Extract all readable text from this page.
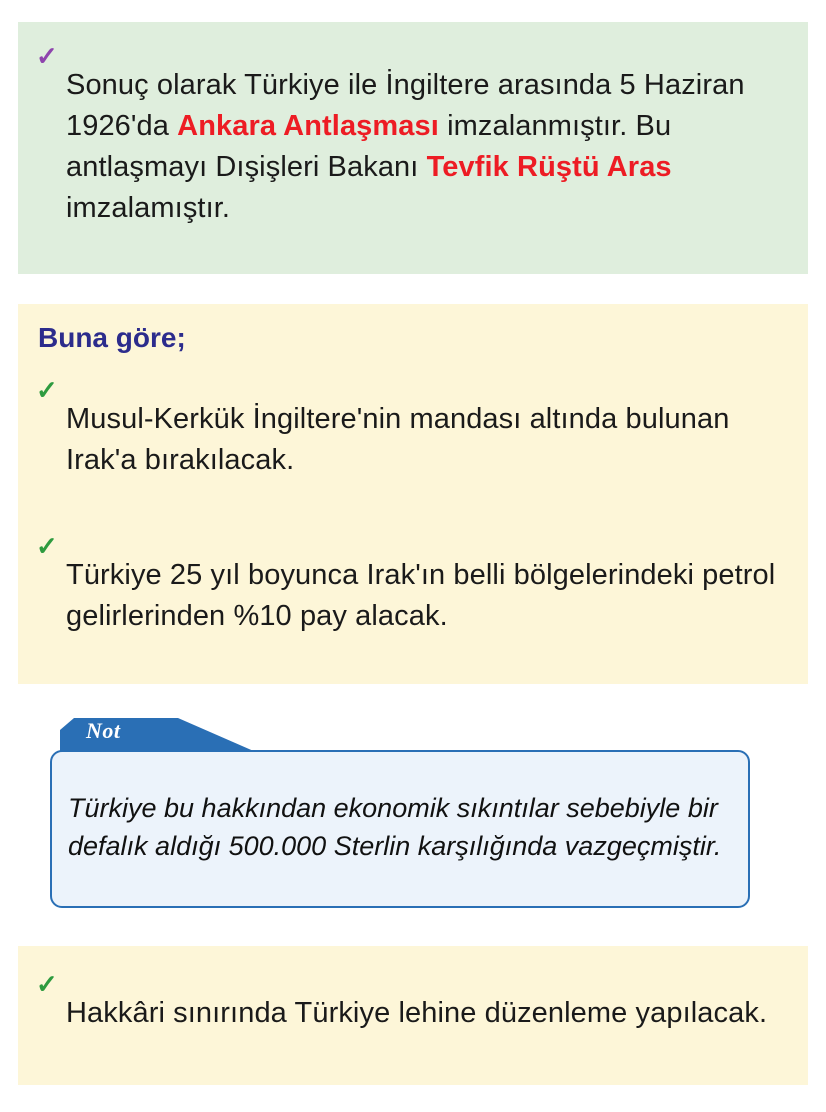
✓

Sonuç olarak Türkiye ile İngiltere arasında 5 Haziran 1926'da Ankara Antlaşması imzalanmıştır. Bu antlaşmayı Dışişleri Bakanı Tevfik Rüştü Aras imzalamıştır.

Buna göre;
✓

Musul-Kerkük İngiltere'nin mandası altında bulunan Irak'a bırakılacak.

✓

Türkiye 25 yıl boyunca Irak'ın belli bölgelerindeki petrol gelirlerinden %10 pay alacak.

Not

Türkiye bu hakkından ekonomik sıkıntılar sebebiyle bir defalık aldığı 500.000 Sterlin karşılığında vazgeçmiştir.

✓

Hakkâri sınırında Türkiye lehine düzenleme yapılacak.
